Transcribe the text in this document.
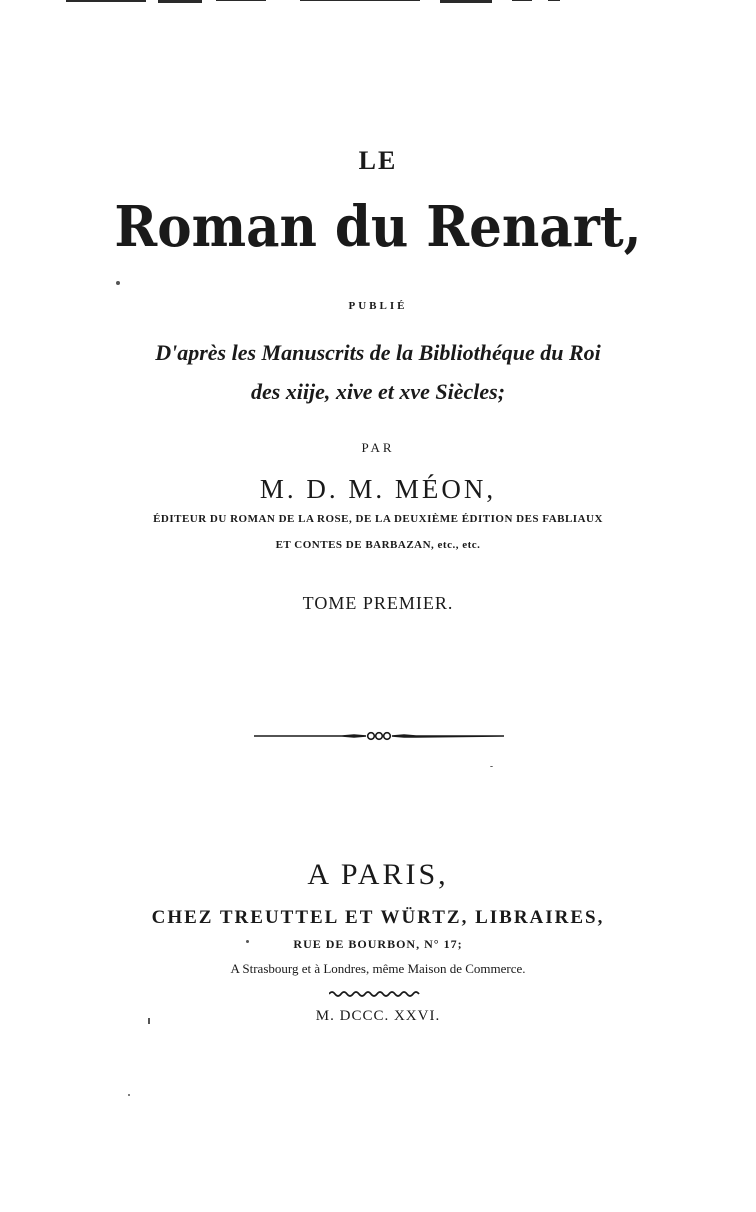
LE
Roman du Renart,
PUBLIÉ
D'après les Manuscrits de la Bibliothéque du Roi
des xiije, xive et xve Siècles;
PAR
M. D. M. MÉON,
ÉDITEUR DU ROMAN DE LA ROSE, DE LA DEUXIÈME ÉDITION DES FABLIAUX
ET CONTES DE BARBAZAN, etc., etc.
TOME PREMIER.
A PARIS,
CHEZ TREUTTEL ET WÜRTZ, LIBRAIRES,
RUE DE BOURBON, N° 17;
A Strasbourg et à Londres, même Maison de Commerce.
M. DCCC. XXVI.
